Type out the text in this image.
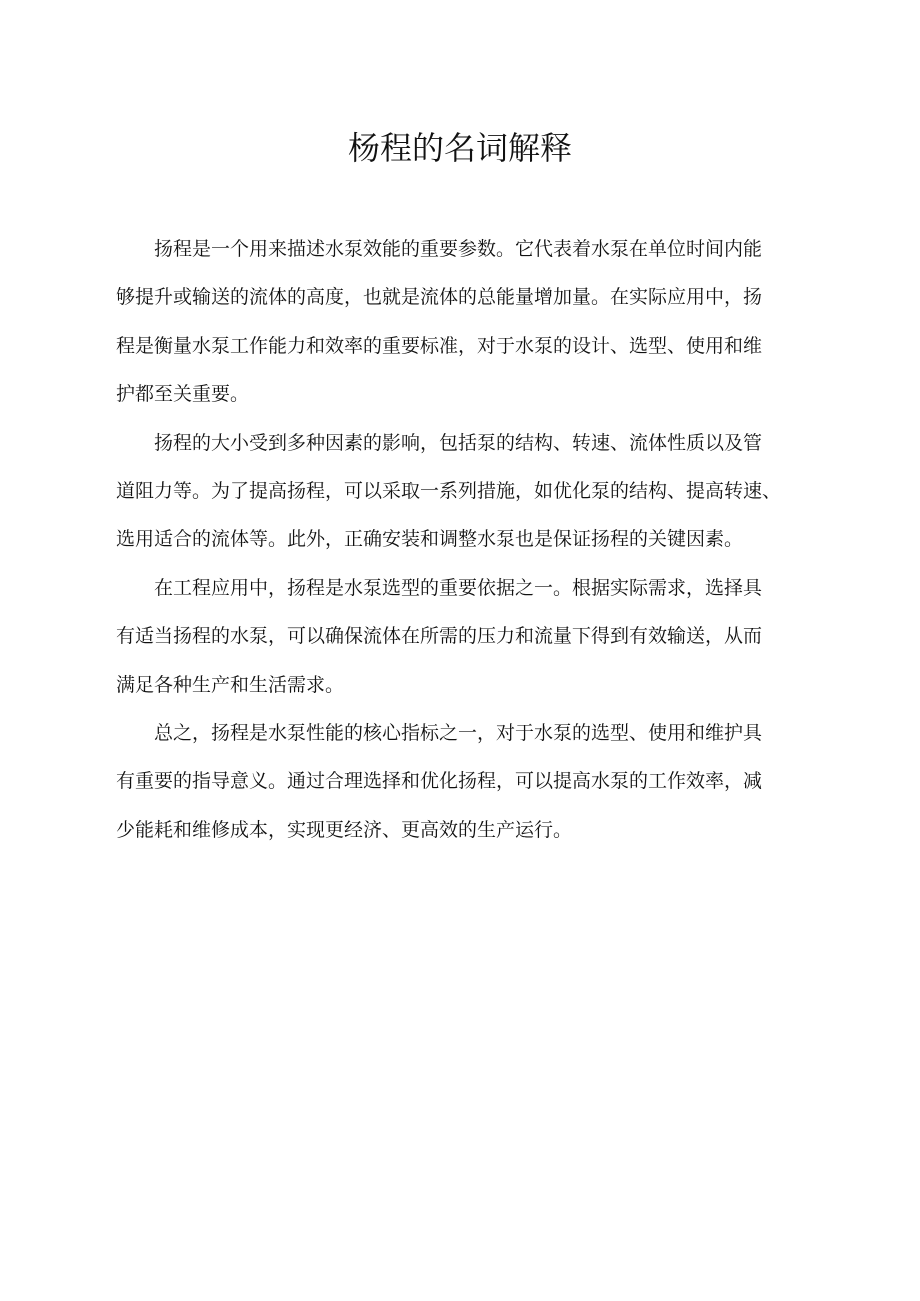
杨程的名词解释

扬程是一个用来描述水泵效能的重要参数。它代表着水泵在单位时间内能
够提升或输送的流体的高度，也就是流体的总能量增加量。在实际应用中，扬
程是衡量水泵工作能力和效率的重要标准，对于水泵的设计、选型、使用和维
护都至关重要。

扬程的大小受到多种因素的影响，包括泵的结构、转速、流体性质以及管
道阻力等。为了提高扬程，可以采取一系列措施，如优化泵的结构、提高转速、
选用适合的流体等。此外，正确安装和调整水泵也是保证扬程的关键因素。

在工程应用中，扬程是水泵选型的重要依据之一。根据实际需求，选择具
有适当扬程的水泵，可以确保流体在所需的压力和流量下得到有效输送，从而
满足各种生产和生活需求。

总之，扬程是水泵性能的核心指标之一，对于水泵的选型、使用和维护具
有重要的指导意义。通过合理选择和优化扬程，可以提高水泵的工作效率，减
少能耗和维修成本，实现更经济、更高效的生产运行。
